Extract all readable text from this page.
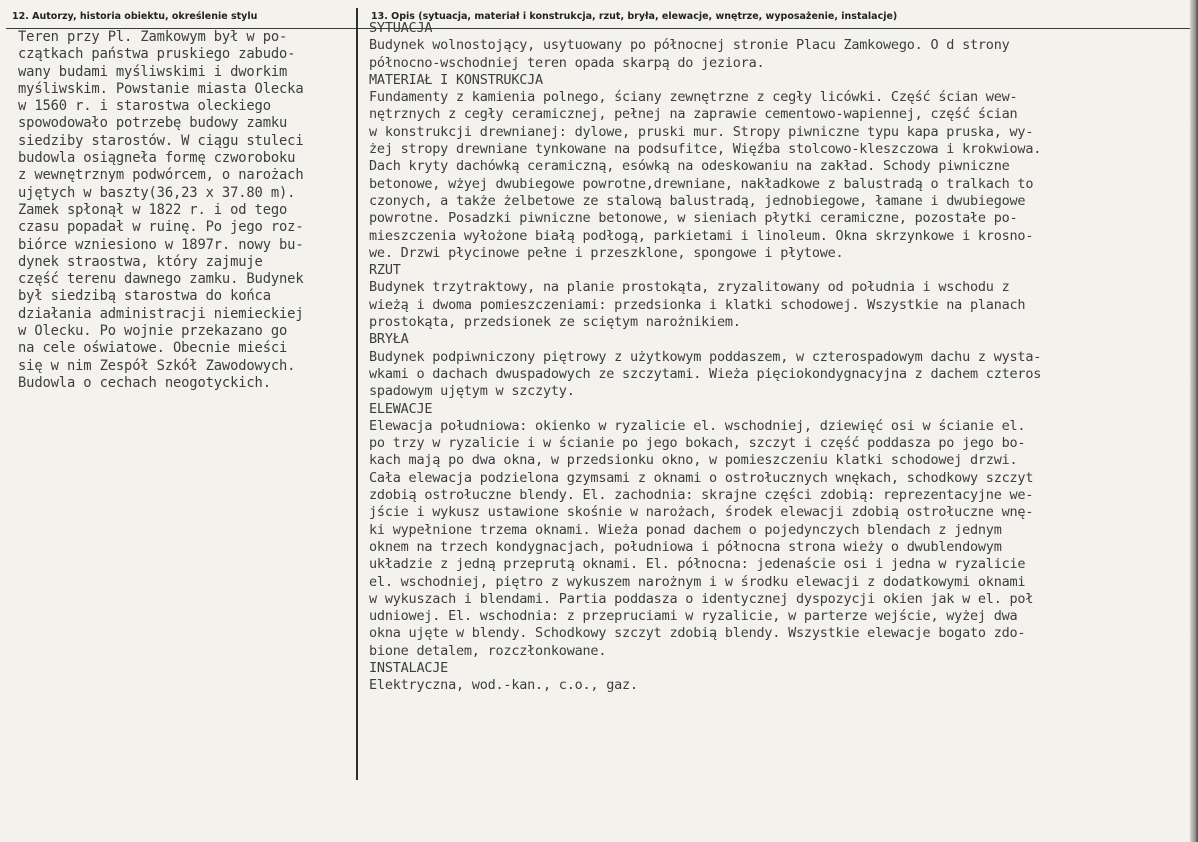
12. Autorzy, historia obiektu, określenie stylu	13. Opis (sytuacja, materiał i konstrukcja, rzut, bryła, elewacje, wnętrze, wyposażenie, instalacje)
Teren przy Pl. Zamkowym był w po-
czątkach państwa pruskiego zabudo-
wany budami myśliwskimi i dworkim
myśliwskim. Powstanie miasta Olecka
w 1560 r. i starostwa oleckiego
spowodowało potrzebę budowy zamku
siedziby starostów. W ciągu stuleci
budowla osiągneła formę czworoboku
z wewnętrznym podwórcem, o narożach
ujętych w baszty(36,23 x 37.80 m).
Zamek spłonął w 1822 r. i od tego
czasu popadał w ruinę. Po jego roz-
biórce wzniesiono w 1897r. nowy bu-
dynek straostwa, który zajmuje
część terenu dawnego zamku. Budynek
był siedzibą starostwa do końca
działania administracji niemieckiej
w Olecku. Po wojnie przekazano go
na cele oświatowe. Obecnie mieści
się w nim Zespół Szkół Zawodowych.
Budowla o cechach neogotyckich.
SYTUACJA
Budynek wolnostojący, usytuowany po północnej stronie Placu Zamkowego. O d strony
północno-wschodniej teren opada skarpą do jeziora.
MATERIAŁ I KONSTRUKCJA
Fundamenty z kamienia polnego, ściany zewnętrzne z cegły licówki. Część ścian wew-
nętrznych z cegły ceramicznej, pełnej na zaprawie cementowo-wapiennej, część ścian
w konstrukcji drewnianej: dylowe, pruski mur. Stropy piwniczne typu kapa pruska, wy-
żej stropy drewniane tynkowane na podsufitce, Więźba stolcowo-kleszczowa i krokwiowa.
Dach kryty dachówką ceramiczną, esówką na odeskowaniu na zakład. Schody piwniczne
betonowe, wżyej dwubiegowe powrotne,drewniane, nakładkowe z balustradą o tralkach to
czonych, a także żelbetowe ze stalową balustradą, jednobiegowe, łamane i dwubiegowe
powrotne. Posadzki piwniczne betonowe, w sieniach płytki ceramiczne, pozostałe po-
mieszczenia wyłożone białą podłogą, parkietami i linoleum. Okna skrzynkowe i krosno-
we. Drzwi płycinowe pełne i przeszklone, spongowe i płytowe.
RZUT
Budynek trzytraktowy, na planie prostokąta, zryzalitowany od południa i wschodu z
wieżą i dwoma pomieszczeniami: przedsionka i klatki schodowej. Wszystkie na planach
prostokąta, przedsionek ze sciętym narożnikiem.
BRYŁA
Budynek podpiwniczony piętrowy z użytkowym poddaszem, w czterospadowym dachu z wysta-
wkami o dachach dwuspadowych ze szczytami. Wieża pięciokondygnacyjna z dachem czteros
spadowym ujętym w szczyty.
ELEWACJE
Elewacja południowa: okienko w ryzalicie el. wschodniej, dziewięć osi w ścianie el.
po trzy w ryzalicie i w ścianie po jego bokach, szczyt i część poddasza po jego bo-
kach mają po dwa okna, w przedsionku okno, w pomieszczeniu klatki schodowej drzwi.
Cała elewacja podzielona gzymsami z oknami o ostrołucznych wnękach, schodkowy szczyt
zdobią ostrołuczne blendy. El. zachodnia: skrajne części zdobią: reprezentacyjne we-
jście i wykusz ustawione skośnie w narożach, środek elewacji zdobią ostrołuczne wnę-
ki wypełnione trzema oknami. Wieża ponad dachem o pojedynczych blendach z jednym
oknem na trzech kondygnacjach, południowa i północna strona wieży o dwublendowym
układzie z jedną przeprutą oknami. El. północna: jedenaście osi i jedna w ryzalicie
el. wschodniej, piętro z wykuszem narożnym i w środku elewacji z dodatkowymi oknami
w wykuszach i blendami. Partia poddasza o identycznej dyspozycji okien jak w el. poł
udniowej. El. wschodnia: z przepruciami w ryzalicie, w parterze wejście, wyżej dwa
okna ujęte w blendy. Schodkowy szczyt zdobią blendy. Wszystkie elewacje bogato zdo-
bione detalem, rozczłonkowane.
INSTALACJE
Elektryczna, wod.-kan., c.o., gaz.
